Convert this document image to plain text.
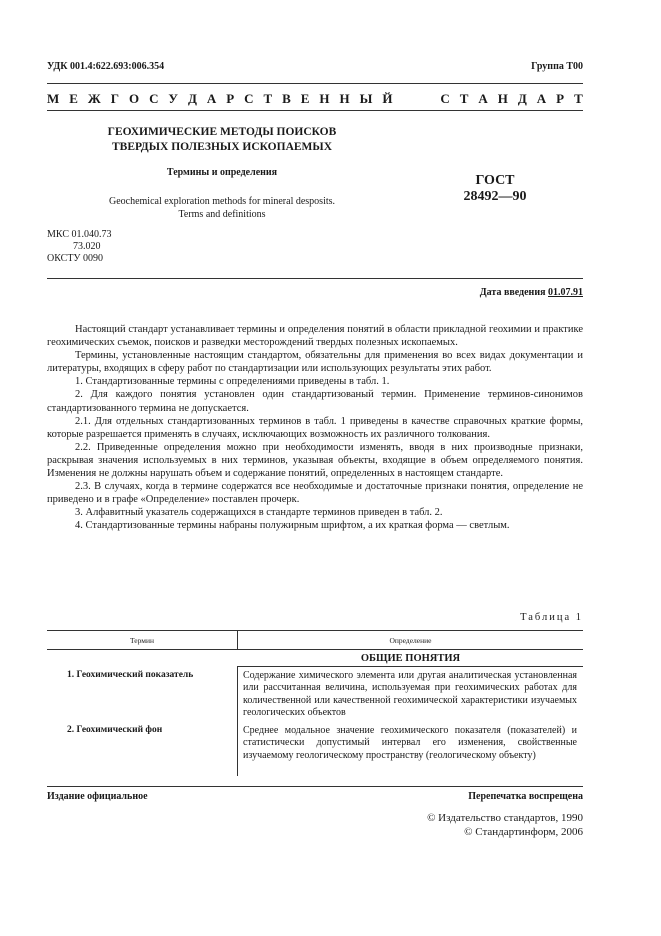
УДК 001.4:622.693:006.354	Группа Т00
М Е Ж Г О С У Д А Р С Т В Е Н Н Ы Й	С Т А Н Д А Р Т
ГЕОХИМИЧЕСКИЕ МЕТОДЫ ПОИСКОВ
ТВЕРДЫХ ПОЛЕЗНЫХ ИСКОПАЕМЫХ
Термины и определения
Geochemical exploration methods for mineral desposits.
Terms and definitions
ГОСТ
28492—90
МКС 01.040.73
73.020
ОКСТУ 0090
Дата введения 01.07.91

Настоящий стандарт устанавливает термины и определения понятий в области прикладной геохимии и практике геохимических съемок, поисков и разведки месторождений твердых полезных ископаемых.

Термины, установленные настоящим стандартом, обязательны для применения во всех видах документации и литературы, входящих в сферу работ по стандартизации или использующих результаты этих работ.

1. Стандартизованные термины с определениями приведены в табл. 1.

2. Для каждого понятия установлен один стандартизованый термин. Применение терминов-синонимов стандартизованного термина не допускается.

2.1. Для отдельных стандартизованных терминов в табл. 1 приведены в качестве справочных краткие формы, которые разрешается применять в случаях, исключающих возможность их различного толкования.

2.2. Приведенные определения можно при необходимости изменять, вводя в них производные признаки, раскрывая значения используемых в них терминов, указывая объекты, входящие в объем определяемого понятия. Изменения не должны нарушать объем и содержание понятий, определенных в настоящем стандарте.

2.3. В случаях, когда в термине содержатся все необходимые и достаточные признаки понятия, определение не приведено и в графе «Определение» поставлен прочерк.

3. Алфавитный указатель содержащихся в стандарте терминов приведен в табл. 2.

4. Стандартизованные термины набраны полужирным шрифтом, а их краткая форма — светлым.

Таблица 1
Термин	Определение
ОБЩИЕ ПОНЯТИЯ
1. Геохимический показатель	Содержание химического элемента или другая аналитическая установленная или рассчитанная величина, используемая при геохимических работах для количественной или качественной геохимической характеристики изучаемых геологических объектов
2. Геохимический фон	Среднее модальное значение геохимического показателя (показателей) и статистически допустимый интервал его изменения, свойственные изучаемому геологическому пространству (геологическому объекту)
Издание официальное	Перепечатка воспрещена
© Издательство стандартов, 1990
© Стандартинформ, 2006
